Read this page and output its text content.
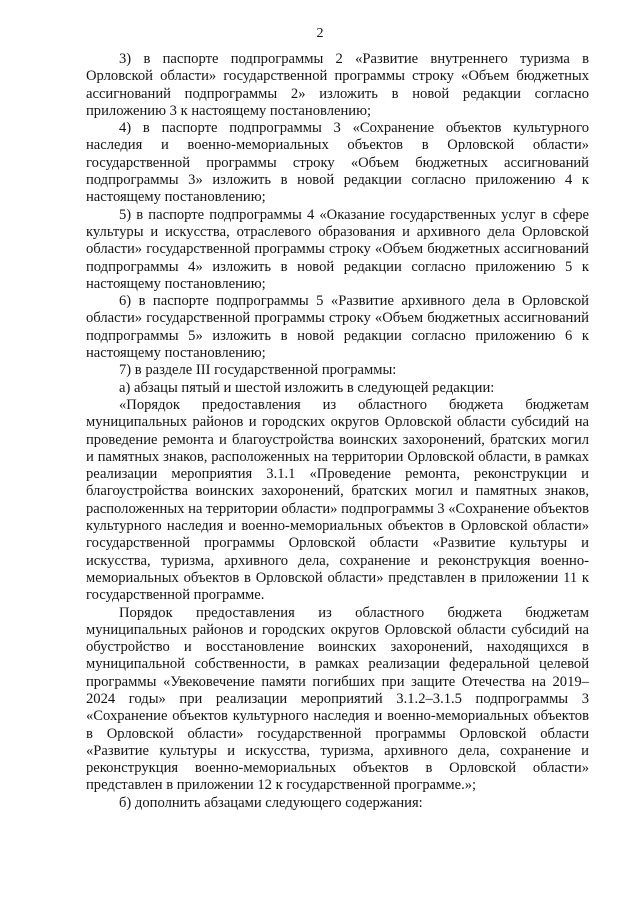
2

3) в паспорте подпрограммы 2 «Развитие внутреннего туризма в Орловской области» государственной программы строку «Объем бюджетных ассигнований подпрограммы 2» изложить в новой редакции согласно приложению 3 к настоящему постановлению;

4) в паспорте подпрограммы 3 «Сохранение объектов культурного наследия и военно-мемориальных объектов в Орловской области» государственной программы строку «Объем бюджетных ассигнований подпрограммы 3» изложить в новой редакции согласно приложению 4 к настоящему постановлению;

5) в паспорте подпрограммы 4 «Оказание государственных услуг в сфере культуры и искусства, отраслевого образования и архивного дела Орловской области» государственной программы строку «Объем бюджетных ассигнований подпрограммы 4» изложить в новой редакции согласно приложению 5 к настоящему постановлению;

6) в паспорте подпрограммы 5 «Развитие архивного дела в Орловской области» государственной программы строку «Объем бюджетных ассигнований подпрограммы 5» изложить в новой редакции согласно приложению 6 к настоящему постановлению;

7) в разделе III государственной программы:

а) абзацы пятый и шестой изложить в следующей редакции:

«Порядок предоставления из областного бюджета бюджетам муниципальных районов и городских округов Орловской области субсидий на проведение ремонта и благоустройства воинских захоронений, братских могил и памятных знаков, расположенных на территории Орловской области, в рамках реализации мероприятия 3.1.1 «Проведение ремонта, реконструкции и благоустройства воинских захоронений, братских могил и памятных знаков, расположенных на территории области» подпрограммы 3 «Сохранение объектов культурного наследия и военно-мемориальных объектов в Орловской области» государственной программы Орловской области «Развитие культуры и искусства, туризма, архивного дела, сохранение и реконструкция военно-мемориальных объектов в Орловской области» представлен в приложении 11 к государственной программе.

Порядок предоставления из областного бюджета бюджетам муниципальных районов и городских округов Орловской области субсидий на обустройство и восстановление воинских захоронений, находящихся в муниципальной собственности, в рамках реализации федеральной целевой программы «Увековечение памяти погибших при защите Отечества на 2019–2024 годы» при реализации мероприятий 3.1.2–3.1.5 подпрограммы 3 «Сохранение объектов культурного наследия и военно-мемориальных объектов в Орловской области» государственной программы Орловской области «Развитие культуры и искусства, туризма, архивного дела, сохранение и реконструкция военно-мемориальных объектов в Орловской области» представлен в приложении 12 к государственной программе.»;

б) дополнить абзацами следующего содержания:
